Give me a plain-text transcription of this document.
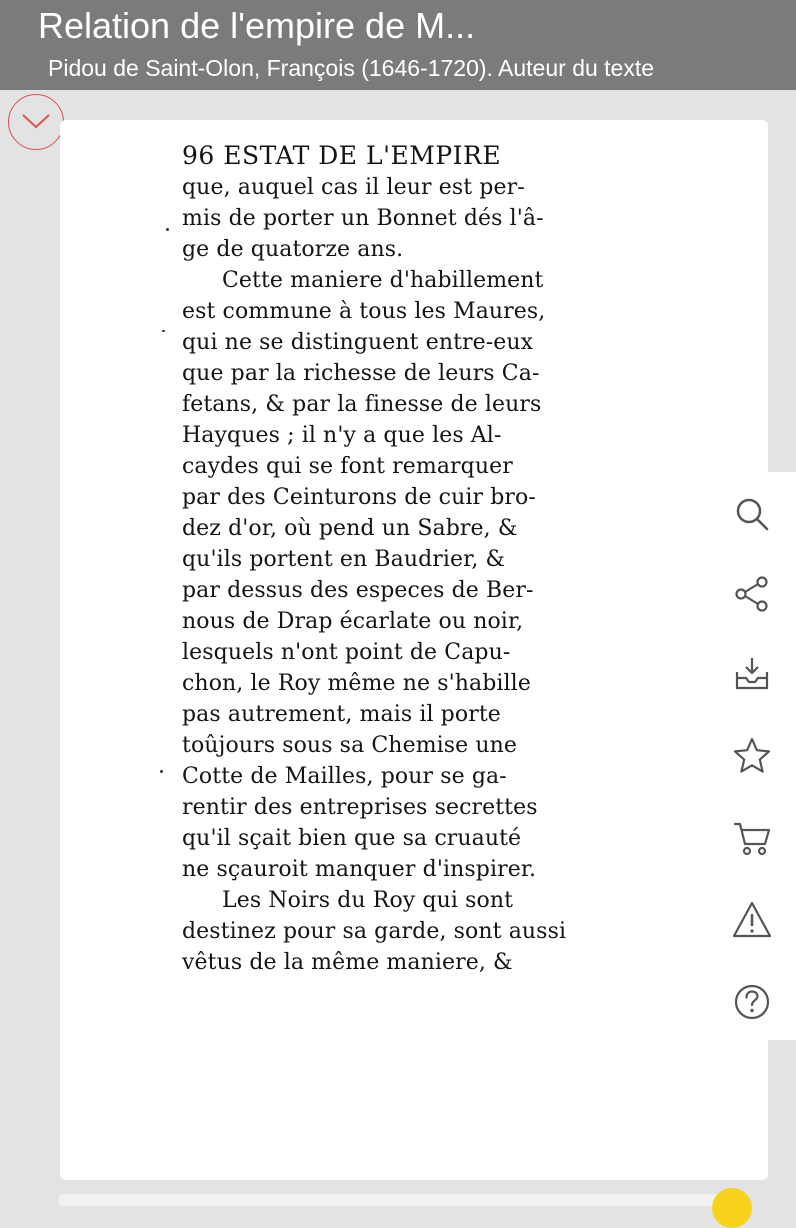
Relation de l'empire de M...
Pidou de Saint-Olon, François (1646-1720). Auteur du texte
96 ESTAT DE L'EMPIRE
que, auquel cas il leur est per-
mis de porter un Bonnet dés l'â-
ge de quatorze ans.
Cette maniere d'habillement
est commune à tous les Maures,
qui ne se distinguent entre-eux
que par la richesse de leurs Ca-
fetans, & par la finesse de leurs
Hayques ; il n'y a que les Al-
caydes qui se font remarquer
par des Ceinturons de cuir bro-
dez d'or, où pend un Sabre, &
qu'ils portent en Baudrier, &
par dessus des especes de Ber-
nous de Drap écarlate ou noir,
lesquels n'ont point de Capu-
chon, le Roy même ne s'habille
pas autrement, mais il porte
toûjours sous sa Chemise une
Cotte de Mailles, pour se ga-
rentir des entreprises secrettes
qu'il sçait bien que sa cruauté
ne sçauroit manquer d'inspirer.
Les Noirs du Roy qui sont
destinez pour sa garde, sont aussi
vêtus de la même maniere, &
